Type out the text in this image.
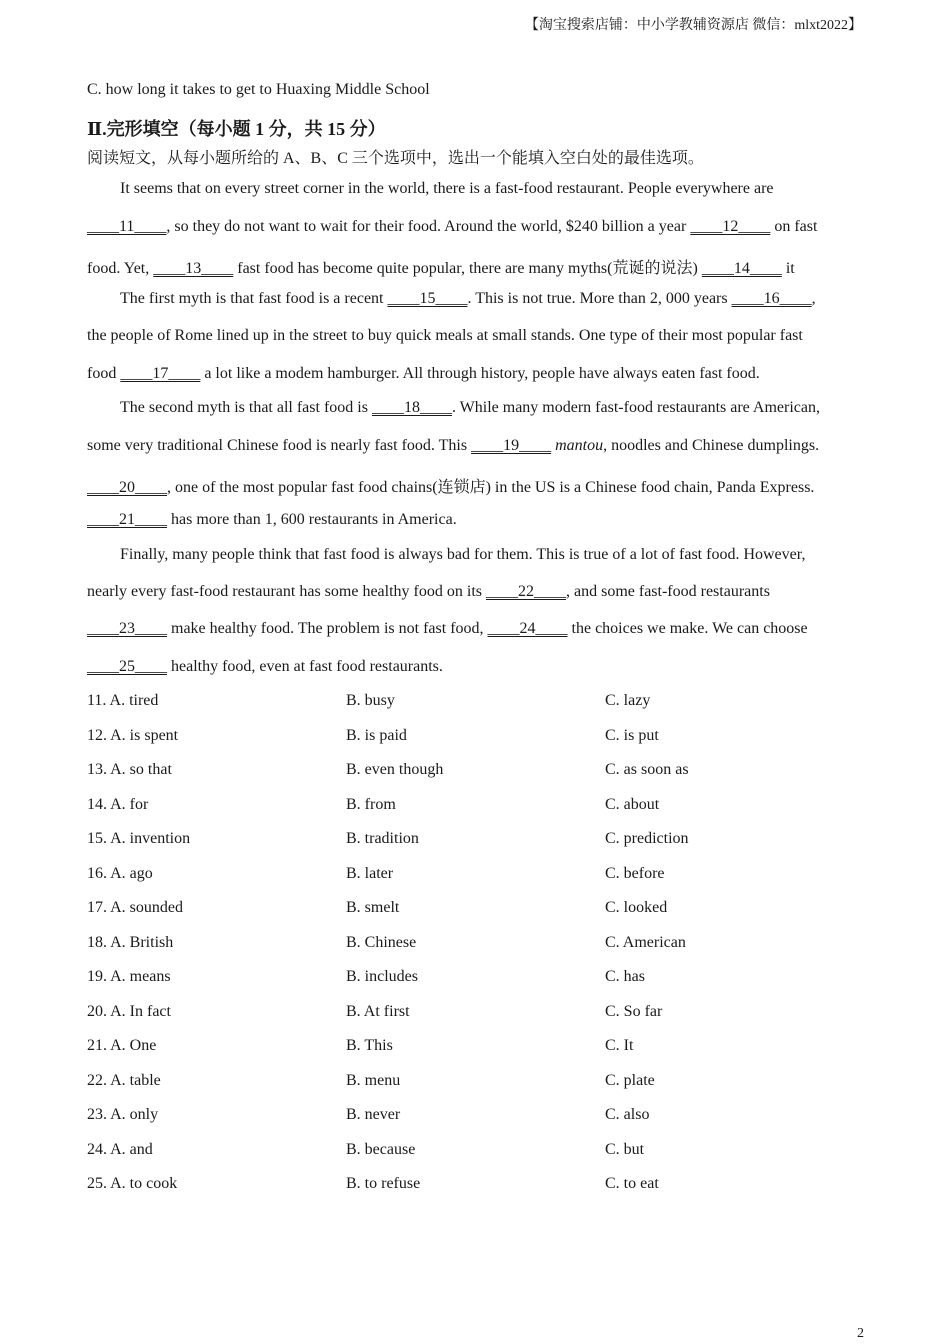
【淘宝搜索店铺：中小学教辅资源店 微信：mlxt2022】
C. how long it takes to get to Huaxing Middle School
Ⅱ.完形填空（每小题 1 分，共 15 分）
阅读短文，从每小题所给的 A、B、C 三个选项中，选出一个能填入空白处的最佳选项。
It seems that on every street corner in the world, there is a fast-food restaurant. People everywhere are
____11____, so they do not want to wait for their food. Around the world, $240 billion a year ____12____ on fast
food. Yet, ____13____ fast food has become quite popular, there are many myths(荒诞的说法) ____14____ it
The first myth is that fast food is a recent ____15____. This is not true. More than 2, 000 years ____16____,
the people of Rome lined up in the street to buy quick meals at small stands. One type of their most popular fast
food ____17____ a lot like a modem hamburger. All through history, people have always eaten fast food.
The second myth is that all fast food is ____18____. While many modern fast-food restaurants are American,
some very traditional Chinese food is nearly fast food. This ____19____ mantou, noodles and Chinese dumplings.
____20____, one of the most popular fast food chains(连锁店) in the US is a Chinese food chain, Panda Express.
____21____ has more than 1, 600 restaurants in America.
Finally, many people think that fast food is always bad for them. This is true of a lot of fast food. However,
nearly every fast-food restaurant has some healthy food on its ____22____, and some fast-food restaurants
____23____ make healthy food. The problem is not fast food, ____24____ the choices we make. We can choose
____25____ healthy food, even at fast food restaurants.
11. A. tired	B. busy	C. lazy
12. A. is spent	B. is paid	C. is put
13. A. so that	B. even though	C. as soon as
14. A. for	B. from	C. about
15. A. invention	B. tradition	C. prediction
16. A. ago	B. later	C. before
17. A. sounded	B. smelt	C. looked
18. A. British	B. Chinese	C. American
19. A. means	B. includes	C. has
20. A. In fact	B. At first	C. So far
21. A. One	B. This	C. It
22. A. table	B. menu	C. plate
23. A. only	B. never	C. also
24. A. and	B. because	C. but
25. A. to cook	B. to refuse	C. to eat
2
